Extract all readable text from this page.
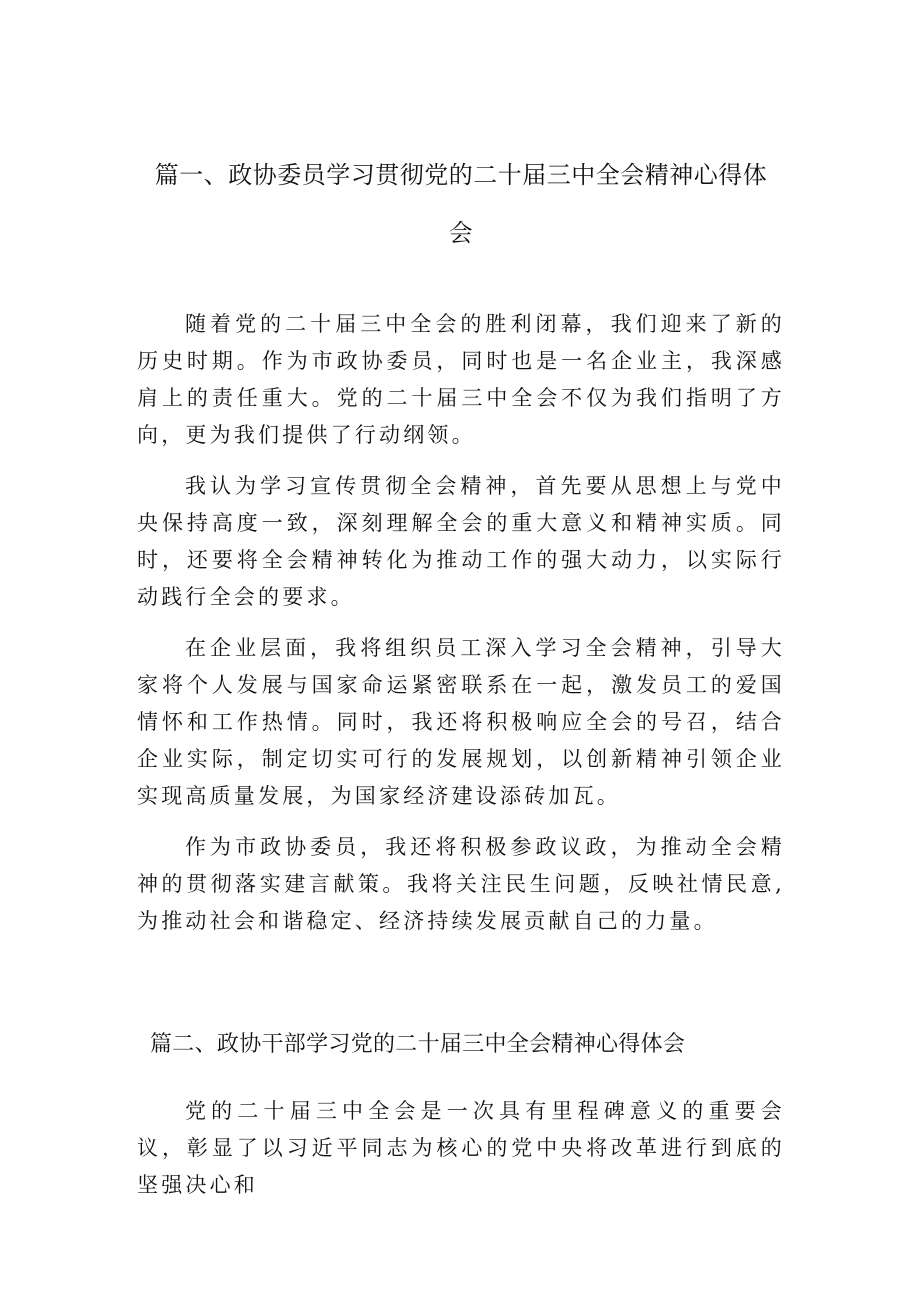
篇一、政协委员学习贯彻党的二十届三中全会精神心得体
会

随着党的二十届三中全会的胜利闭幕，我们迎来了新的历史时期。作为市政协委员，同时也是一名企业主，我深感肩上的责任重大。党的二十届三中全会不仅为我们指明了方向，更为我们提供了行动纲领。

我认为学习宣传贯彻全会精神，首先要从思想上与党中央保持高度一致，深刻理解全会的重大意义和精神实质。同时，还要将全会精神转化为推动工作的强大动力，以实际行动践行全会的要求。

在企业层面，我将组织员工深入学习全会精神，引导大家将个人发展与国家命运紧密联系在一起，激发员工的爱国情怀和工作热情。同时，我还将积极响应全会的号召，结合企业实际，制定切实可行的发展规划，以创新精神引领企业实现高质量发展，为国家经济建设添砖加瓦。

作为市政协委员，我还将积极参政议政，为推动全会精神的贯彻落实建言献策。我将关注民生问题，反映社情民意,为推动社会和谐稳定、经济持续发展贡献自己的力量。

篇二、政协干部学习党的二十届三中全会精神心得体会

党的二十届三中全会是一次具有里程碑意义的重要会议，彰显了以习近平同志为核心的党中央将改革进行到底的坚强决心和
